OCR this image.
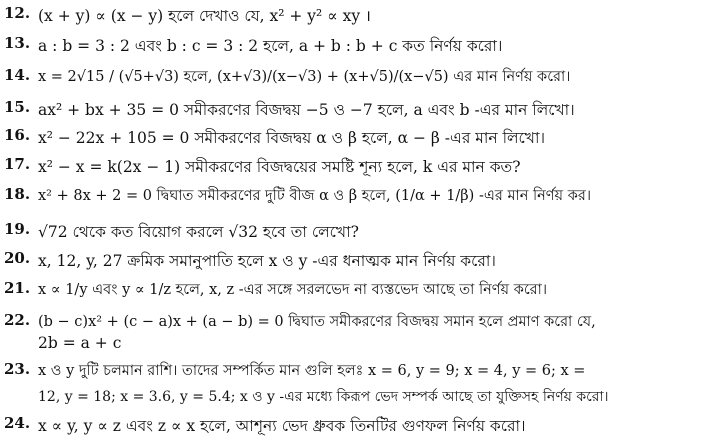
12. (x + y) ∝ (x − y) হলে দেখাও যে, x² + y² ∝ xy ।
13. a : b = 3 : 2 এবং b : c = 3 : 2 হলে, a + b : b + c কত নির্ণয় করো।
14. x = 2√15 / (√5+√3) হলে, (x+√3)/(x−√3) + (x+√5)/(x−√5) এর মান নির্ণয় করো।
15. ax² + bx + 35 = 0 সমীকরণের বিজদ্বয় −5 ও −7 হলে, a এবং b -এর মান লিখো।
16. x² − 22x + 105 = 0 সমীকরণের বিজদ্বয় α ও β হলে, α − β -এর মান লিখো।
17. x² − x = k(2x − 1) সমীকরণের বিজদ্বয়ের সমষ্টি শূন্য হলে, k এর মান কত?
18. x² + 8x + 2 = 0 দ্বিঘাত সমীকরণের দুটি বীজ α ও β হলে, (1/α + 1/β) -এর মান নির্ণয় কর।
19. √72 থেকে কত বিয়োগ করলে √32 হবে তা লেখো?
20. x, 12, y, 27 ক্রমিক সমানুপাতি হলে x ও y -এর ধনাত্মক মান নির্ণয় করো।
21. x ∝ 1/y এবং y ∝ 1/z হলে, x, z -এর সঙ্গে সরলভেদ না ব্যস্তভেদ আছে তা নির্ণয় করো।
22. (b − c)x² + (c − a)x + (a − b) = 0 দ্বিঘাত সমীকরণের বিজদ্বয় সমান হলে প্রমাণ করো যে,
2b = a + c
23. x ও y দুটি চলমান রাশি। তাদের সম্পর্কিত মান গুলি হলঃ x = 6, y = 9; x = 4, y = 6; x =
12, y = 18; x = 3.6, y = 5.4; x ও y -এর মধ্যে কিরূপ ভেদ সম্পর্ক আছে তা যুক্তিসহ নির্ণয় করো।
24. x ∝ y, y ∝ z এবং z ∝ x হলে, আশূন্য ভেদ ধ্রুবক তিনটির গুণফল নির্ণয় করো।
